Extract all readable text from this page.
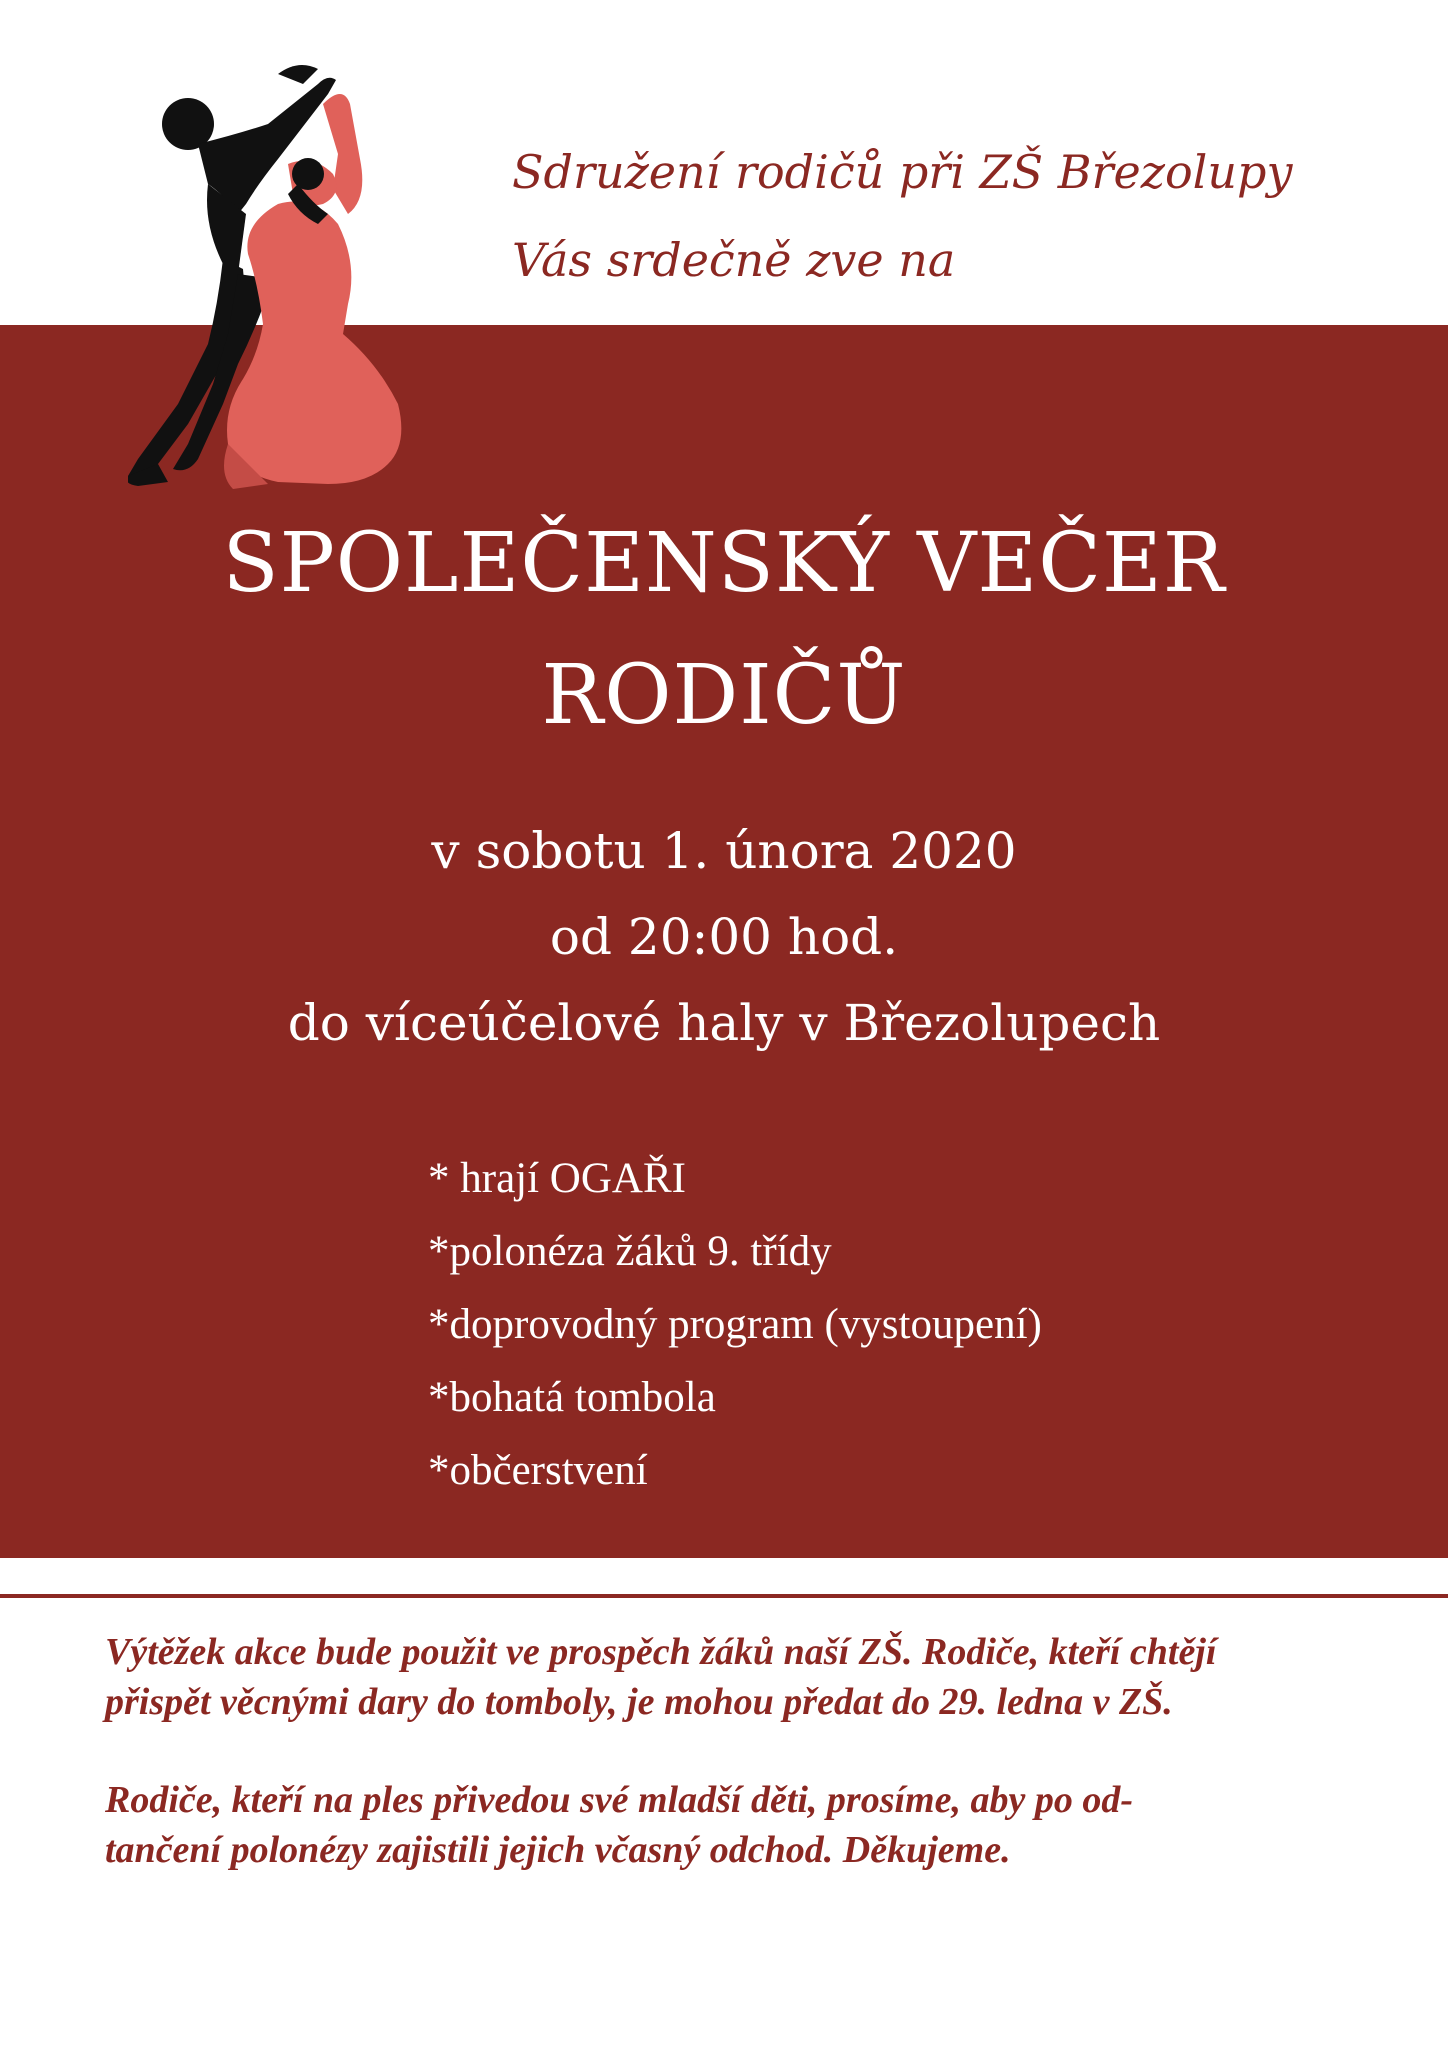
Sdružení rodičů při ZŠ Březolupy
Vás srdečně zve na
SPOLEČENSKÝ VEČER
RODIČŮ
v sobotu 1. února 2020
od 20:00 hod.
do víceúčelové haly v Březolupech
* hrají OGAŘI
*polonéza žáků 9. třídy
*doprovodný program (vystoupení)
*bohatá tombola
*občerstvení
Výtěžek akce bude použit ve prospěch žáků naší ZŠ. Rodiče, kteří chtějí
přispět věcnými dary do tomboly, je mohou předat do 29. ledna v ZŠ.
Rodiče, kteří na ples přivedou své mladší děti, prosíme, aby po od-
tančení polonézy zajistili jejich včasný odchod. Děkujeme.
